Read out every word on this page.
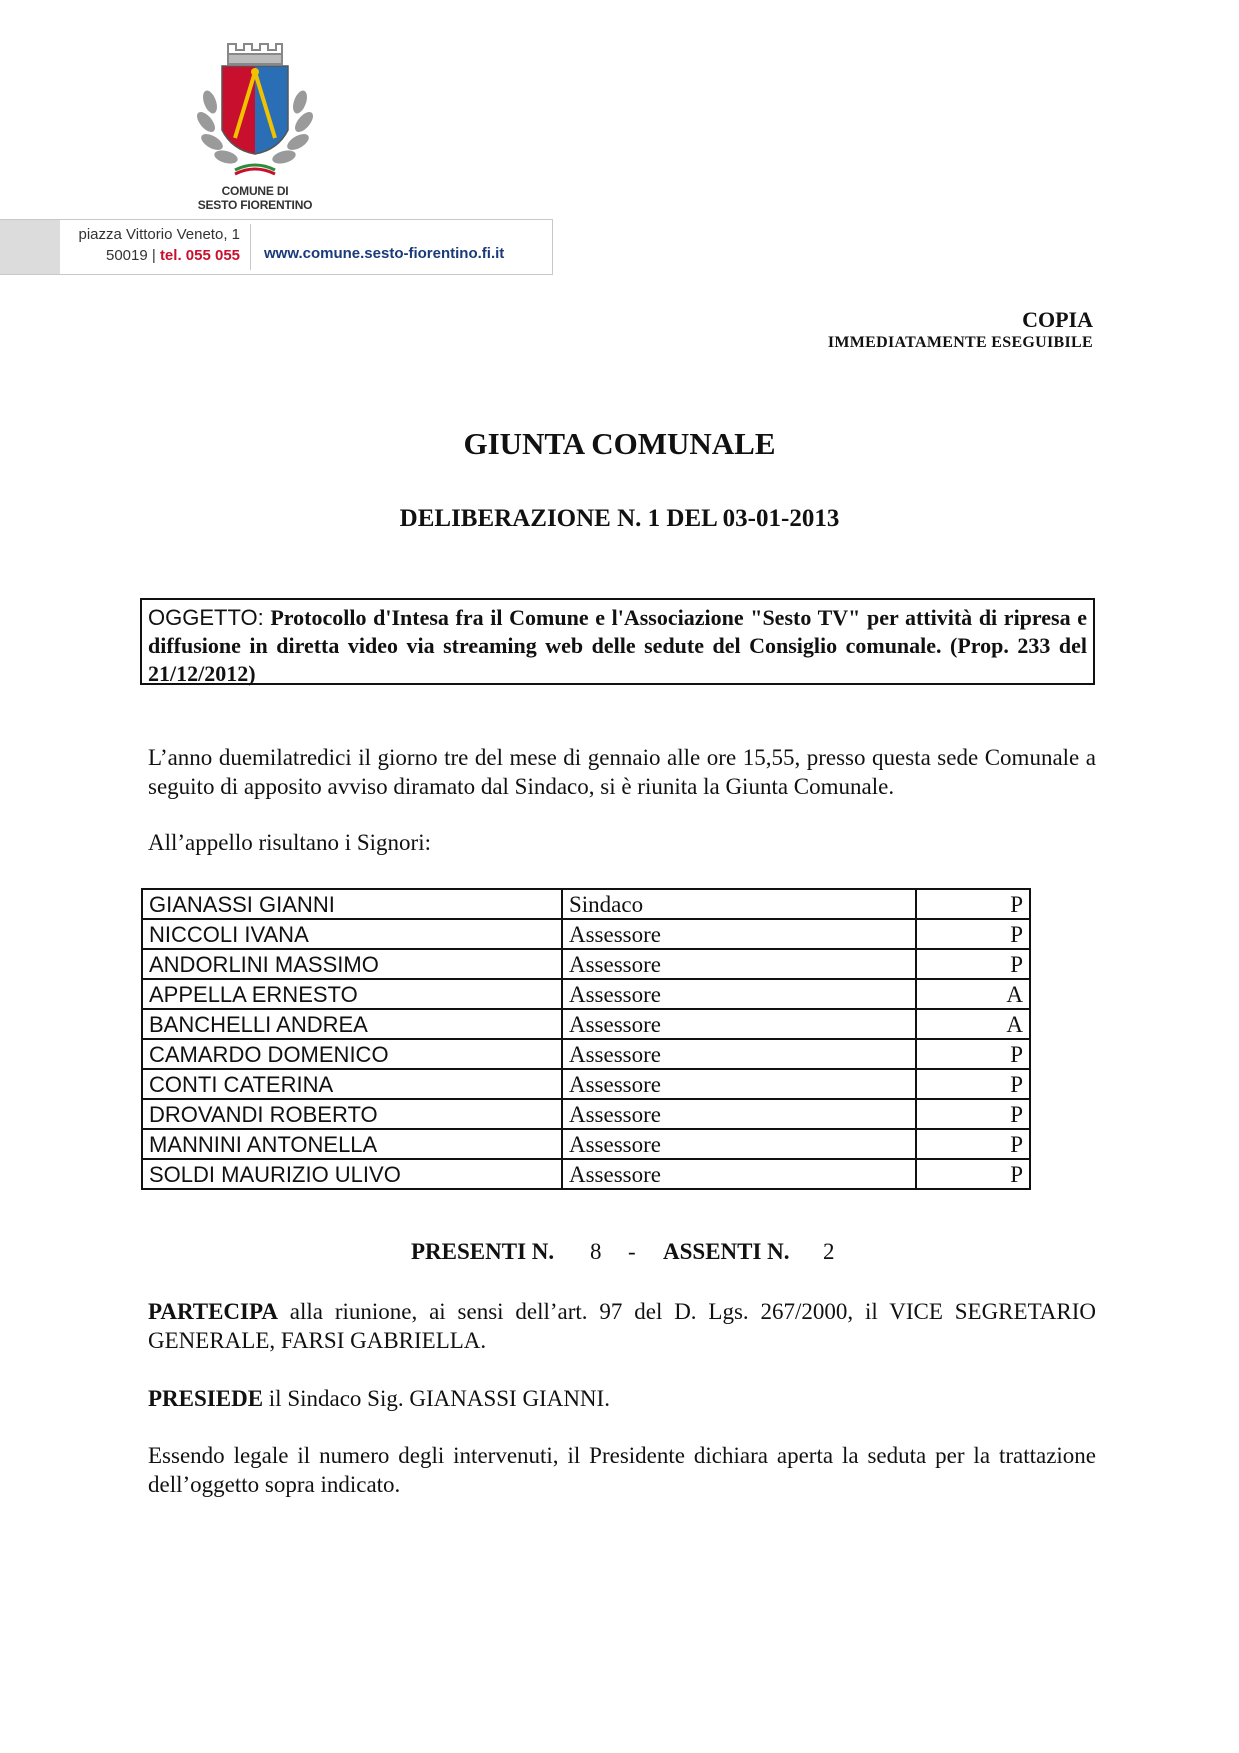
COMUNE DI
SESTO FIORENTINO
piazza Vittorio Veneto, 1
50019 | tel. 055 055 www.comune.sesto-fiorentino.fi.it
COPIA
IMMEDIATAMENTE ESEGUIBILE
GIUNTA COMUNALE
DELIBERAZIONE N. 1 DEL 03-01-2013
OGGETTO: Protocollo d'Intesa fra il Comune e l'Associazione "Sesto TV" per attività di ripresa e diffusione in diretta video via streaming web delle sedute del Consiglio comunale. (Prop. 233 del 21/12/2012)
L’anno duemilatredici il giorno tre del mese di gennaio alle ore 15,55, presso questa sede Comunale a seguito di apposito avviso diramato dal Sindaco, si è riunita la Giunta Comunale.
All’appello risultano i Signori:
GIANASSI GIANNI	Sindaco	P
NICCOLI IVANA	Assessore	P
ANDORLINI MASSIMO	Assessore	P
APPELLA ERNESTO	Assessore	A
BANCHELLI ANDREA	Assessore	A
CAMARDO DOMENICO	Assessore	P
CONTI CATERINA	Assessore	P
DROVANDI ROBERTO	Assessore	P
MANNINI ANTONELLA	Assessore	P
SOLDI MAURIZIO ULIVO	Assessore	P
PRESENTI N. 8 - ASSENTI N. 2
PARTECIPA alla riunione, ai sensi dell’art. 97 del D. Lgs. 267/2000, il VICE SEGRETARIO GENERALE, FARSI GABRIELLA.
PRESIEDE il Sindaco Sig. GIANASSI GIANNI.
Essendo legale il numero degli intervenuti, il Presidente dichiara aperta la seduta per la trattazione dell’oggetto sopra indicato.
